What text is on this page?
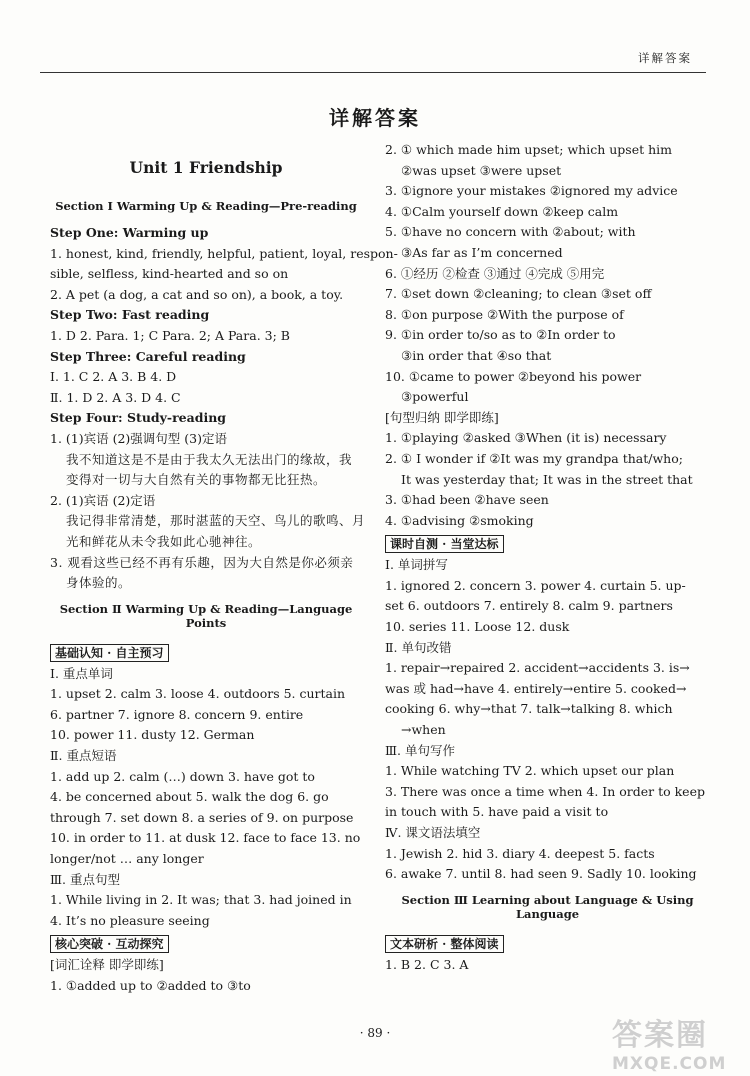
详解答案
详解答案
Unit 1 Friendship
Section Ⅰ Warming Up & Reading—Pre-reading
Step One: Warming up
1. honest, kind, friendly, helpful, patient, loyal, respon-
sible, selfless, kind-hearted and so on
2. A pet (a dog, a cat and so on), a book, a toy.
Step Two: Fast reading
1. D 2. Para. 1; C Para. 2; A Para. 3; B
Step Three: Careful reading
Ⅰ. 1. C 2. A 3. B 4. D
Ⅱ. 1. D 2. A 3. D 4. C
Step Four: Study-reading
1. (1)宾语 (2)强调句型 (3)定语
我不知道这是不是由于我太久无法出门的缘故，我
变得对一切与大自然有关的事物都无比狂热。
2. (1)宾语 (2)定语
我记得非常清楚，那时湛蓝的天空、鸟儿的歌鸣、月
光和鲜花从未令我如此心驰神往。
3. 观看这些已经不再有乐趣，因为大自然是你必须亲
身体验的。
Section Ⅱ Warming Up & Reading—Language Points
基础认知 · 自主预习
Ⅰ. 重点单词
1. upset 2. calm 3. loose 4. outdoors 5. curtain
6. partner 7. ignore 8. concern 9. entire
10. power 11. dusty 12. German
Ⅱ. 重点短语
1. add up 2. calm (…) down 3. have got to
4. be concerned about 5. walk the dog 6. go
through 7. set down 8. a series of 9. on purpose
10. in order to 11. at dusk 12. face to face 13. no
longer/not … any longer
Ⅲ. 重点句型
1. While living in 2. It was; that 3. had joined in
4. It’s no pleasure seeing
核心突破 · 互动探究
[词汇诠释 即学即练]
1. ①added up to ②added to ③to
2. ① which made him upset; which upset him
②was upset ③were upset
3. ①ignore your mistakes ②ignored my advice
4. ①Calm yourself down ②keep calm
5. ①have no concern with ②about; with
③As far as I’m concerned
6. ①经历 ②检查 ③通过 ④完成 ⑤用完
7. ①set down ②cleaning; to clean ③set off
8. ①on purpose ②With the purpose of
9. ①in order to/so as to ②In order to
③in order that ④so that
10. ①came to power ②beyond his power
③powerful
[句型归纳 即学即练]
1. ①playing ②asked ③When (it is) necessary
2. ① I wonder if ②It was my grandpa that/who;
It was yesterday that; It was in the street that
3. ①had been ②have seen
4. ①advising ②smoking
课时自测 · 当堂达标
Ⅰ. 单词拼写
1. ignored 2. concern 3. power 4. curtain 5. up-
set 6. outdoors 7. entirely 8. calm 9. partners
10. series 11. Loose 12. dusk
Ⅱ. 单句改错
1. repair→repaired 2. accident→accidents 3. is→
was 或 had→have 4. entirely→entire 5. cooked→
cooking 6. why→that 7. talk→talking 8. which
→when
Ⅲ. 单句写作
1. While watching TV 2. which upset our plan
3. There was once a time when 4. In order to keep
in touch with 5. have paid a visit to
Ⅳ. 课文语法填空
1. Jewish 2. hid 3. diary 4. deepest 5. facts
6. awake 7. until 8. had seen 9. Sadly 10. looking
Section Ⅲ Learning about Language & Using Language
文本研析 · 整体阅读
1. B 2. C 3. A
· 89 ·	答案圈
MXQE.COM
